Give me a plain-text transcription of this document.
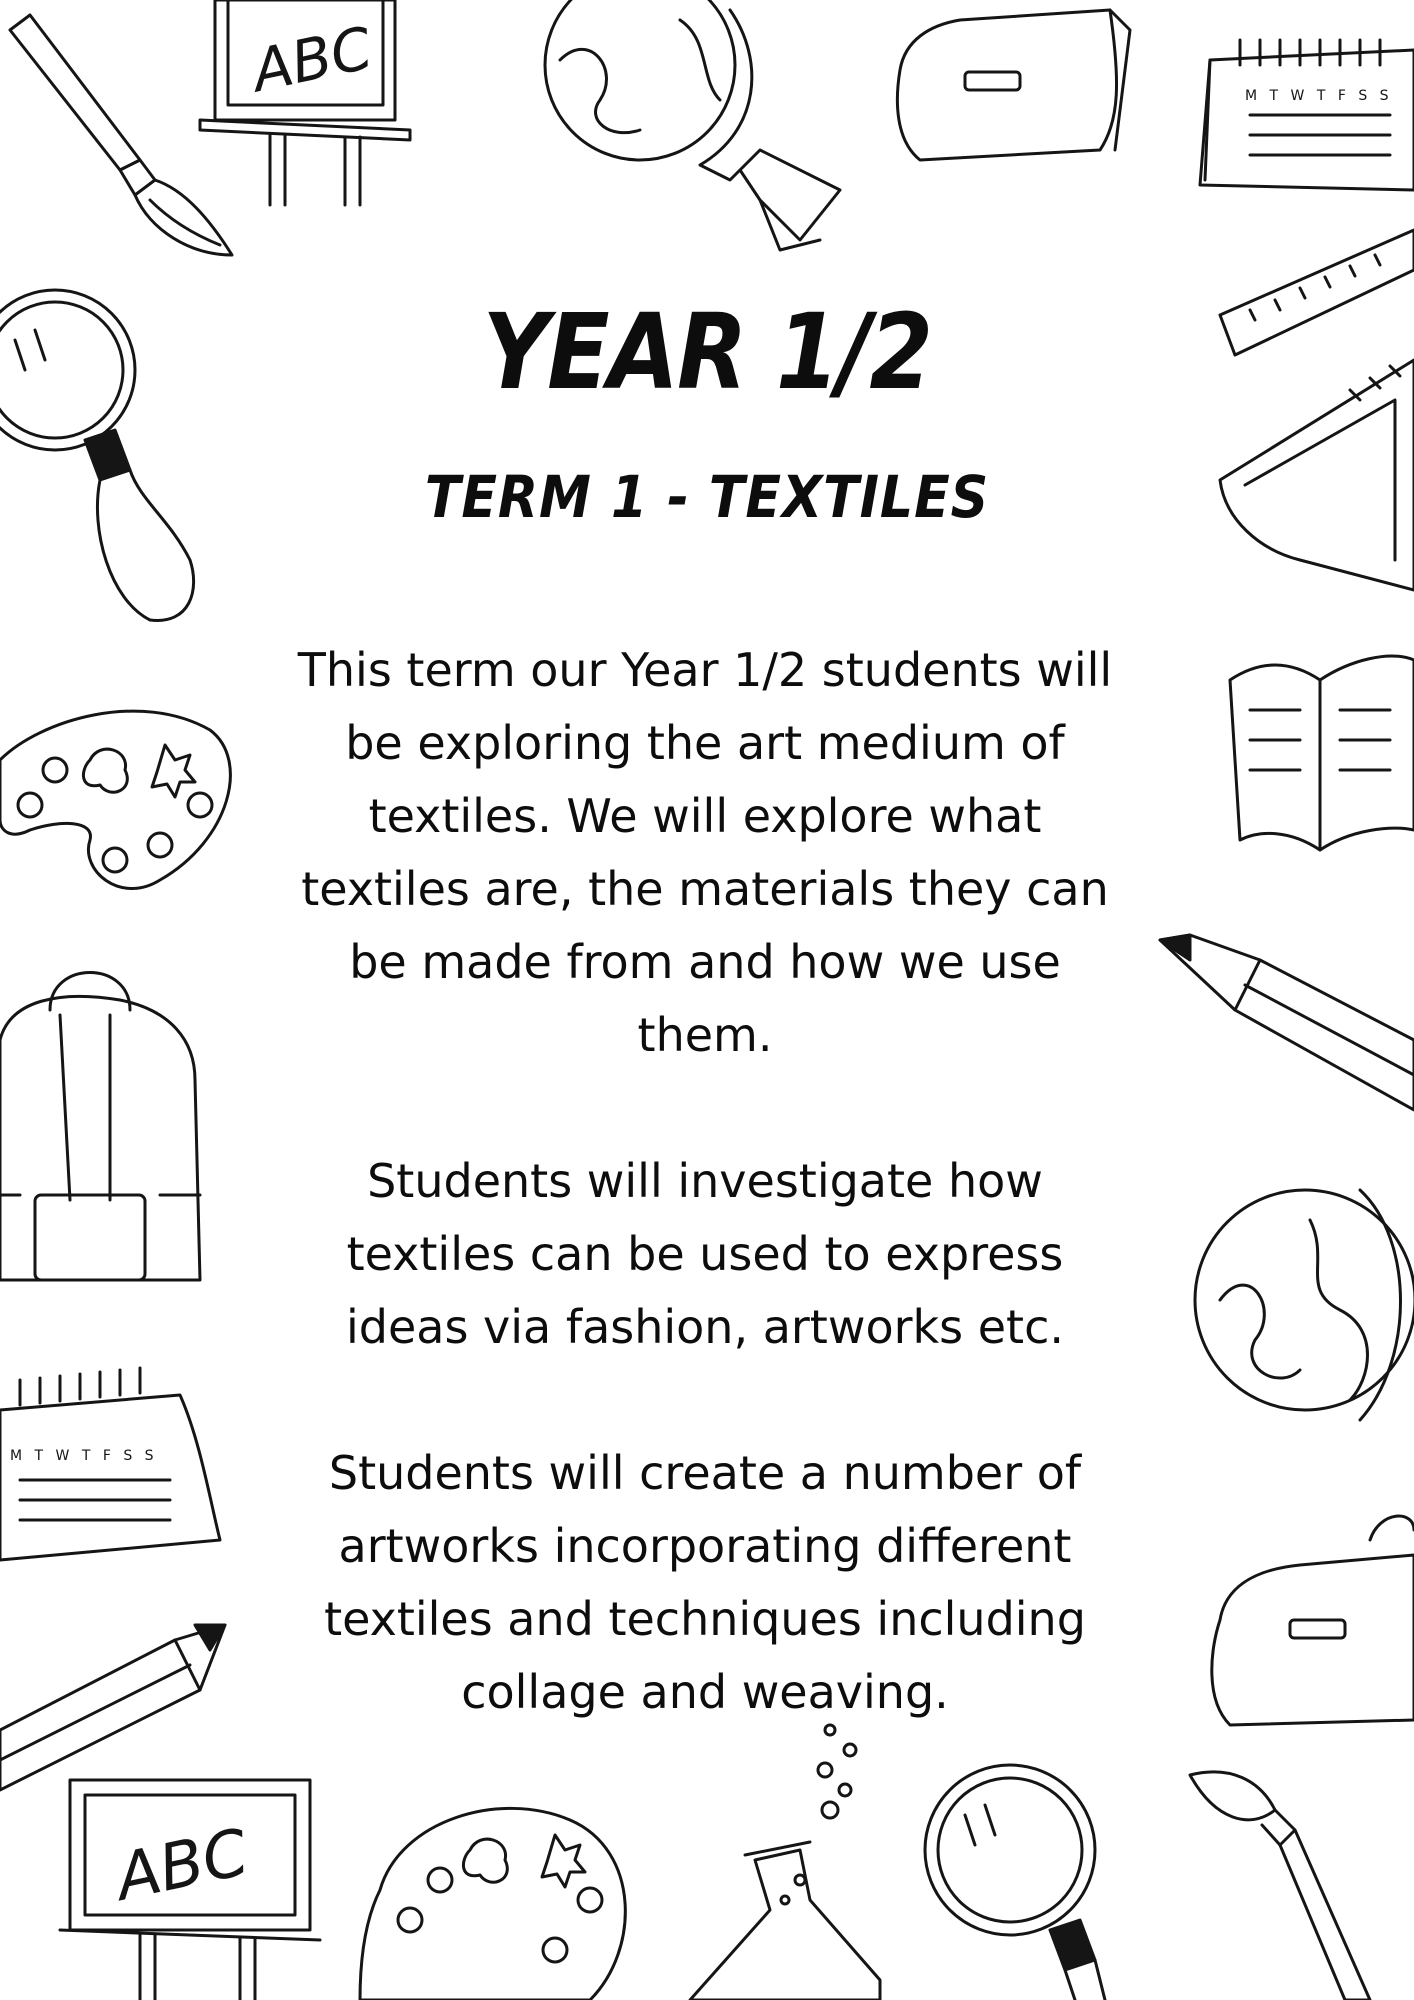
ABC	M T W T F S S
M T W T F S S
ABC
YEAR 1/2
TERM 1 - TEXTILES

This term our Year 1/2 students will
be exploring the art medium of
textiles. We will explore what
textiles are, the materials they can
be made from and how we use
them.

Students will investigate how
textiles can be used to express
ideas via fashion, artworks etc.

Students will create a number of
artworks incorporating different
textiles and techniques including
collage and weaving.
